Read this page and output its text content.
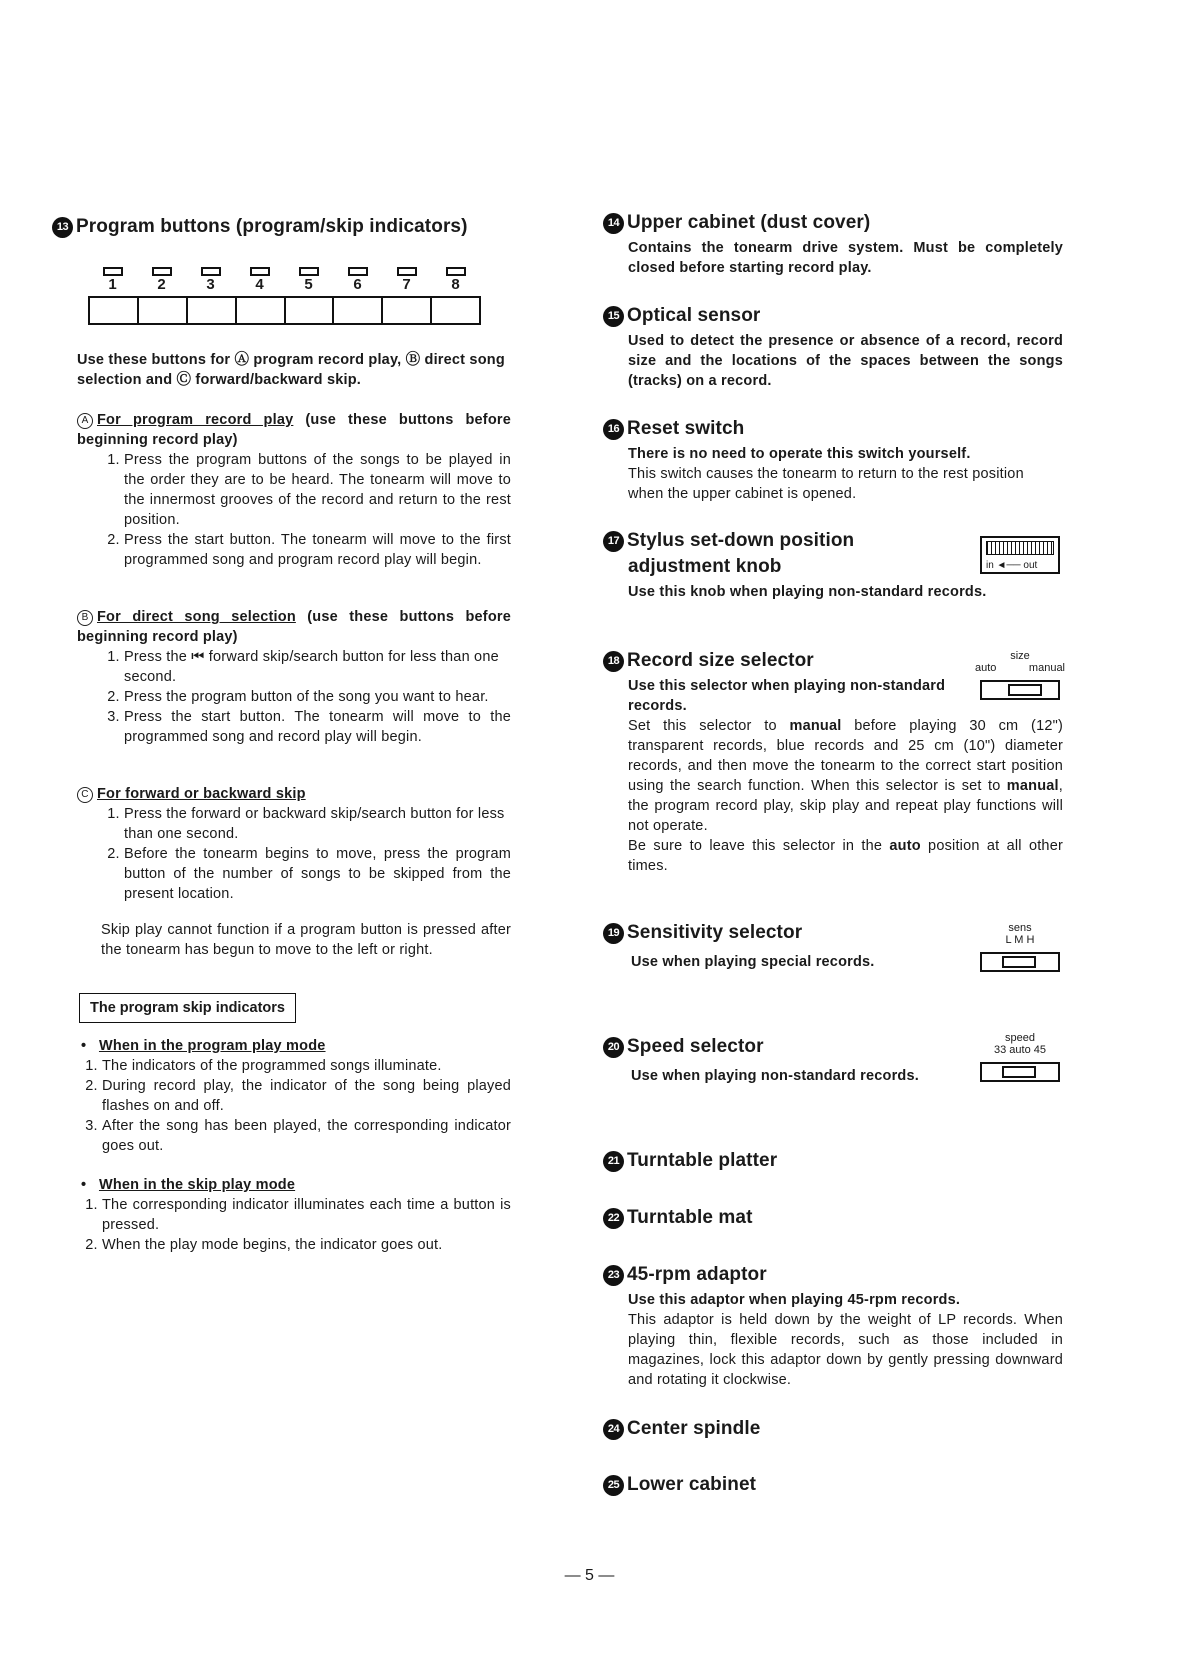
13 Program buttons (program/skip indicators)
1	2	3	4	5	6	7	8
Use these buttons for Ⓐ program record play, Ⓑ direct song selection and Ⓒ forward/backward skip.
A For program record play (use these buttons before beginning record play)
1. Press the program buttons of the songs to be played in the order they are to be heard. The tonearm will move to the innermost grooves of the record and return to the rest position.
2. Press the start button. The tonearm will move to the first programmed song and program record play will begin.
B For direct song selection (use these buttons before beginning record play)
1. Press the ⏮ forward skip/search button for less than one second.
2. Press the program button of the song you want to hear.
3. Press the start button. The tonearm will move to the programmed song and record play will begin.
C For forward or backward skip
1. Press the forward or backward skip/search button for less than one second.
2. Before the tonearm begins to move, press the program button of the number of songs to be skipped from the present location.
Skip play cannot function if a program button is pressed after the tonearm has begun to move to the left or right.
The program skip indicators
• When in the program play mode
1. The indicators of the programmed songs illuminate.
2. During record play, the indicator of the song being played flashes on and off.
3. After the song has been played, the corresponding indicator goes out.
• When in the skip play mode
1. The corresponding indicator illuminates each time a button is pressed.
2. When the play mode begins, the indicator goes out.
14 Upper cabinet (dust cover)
Contains the tonearm drive system. Must be completely closed before starting record play.
15 Optical sensor
Used to detect the presence or absence of a record, record size and the locations of the spaces between the songs (tracks) on a record.
16 Reset switch
There is no need to operate this switch yourself.
This switch causes the tonearm to return to the rest position when the upper cabinet is opened.
17 Stylus set-down position
adjustment knob
Use this knob when playing non-standard records.
in ◄── out
18 Record size selector
Use this selector when playing non-standard records.
Set this selector to manual before playing 30 cm (12") transparent records, blue records and 25 cm (10") diameter records, and then move the tonearm to the correct start position using the search function. When this selector is set to manual, the program record play, skip play and repeat play functions will not operate.
Be sure to leave this selector in the auto position at all other times.
size
auto	manual
19 Sensitivity selector
Use when playing special records.
sens
L M H
20 Speed selector
Use when playing non-standard records.
speed
33 auto 45
21 Turntable platter
22 Turntable mat
23 45-rpm adaptor
Use this adaptor when playing 45-rpm records.
This adaptor is held down by the weight of LP records. When playing thin, flexible records, such as those included in magazines, lock this adaptor down by gently pressing downward and rotating it clockwise.
24 Center spindle
25 Lower cabinet
— 5 —
